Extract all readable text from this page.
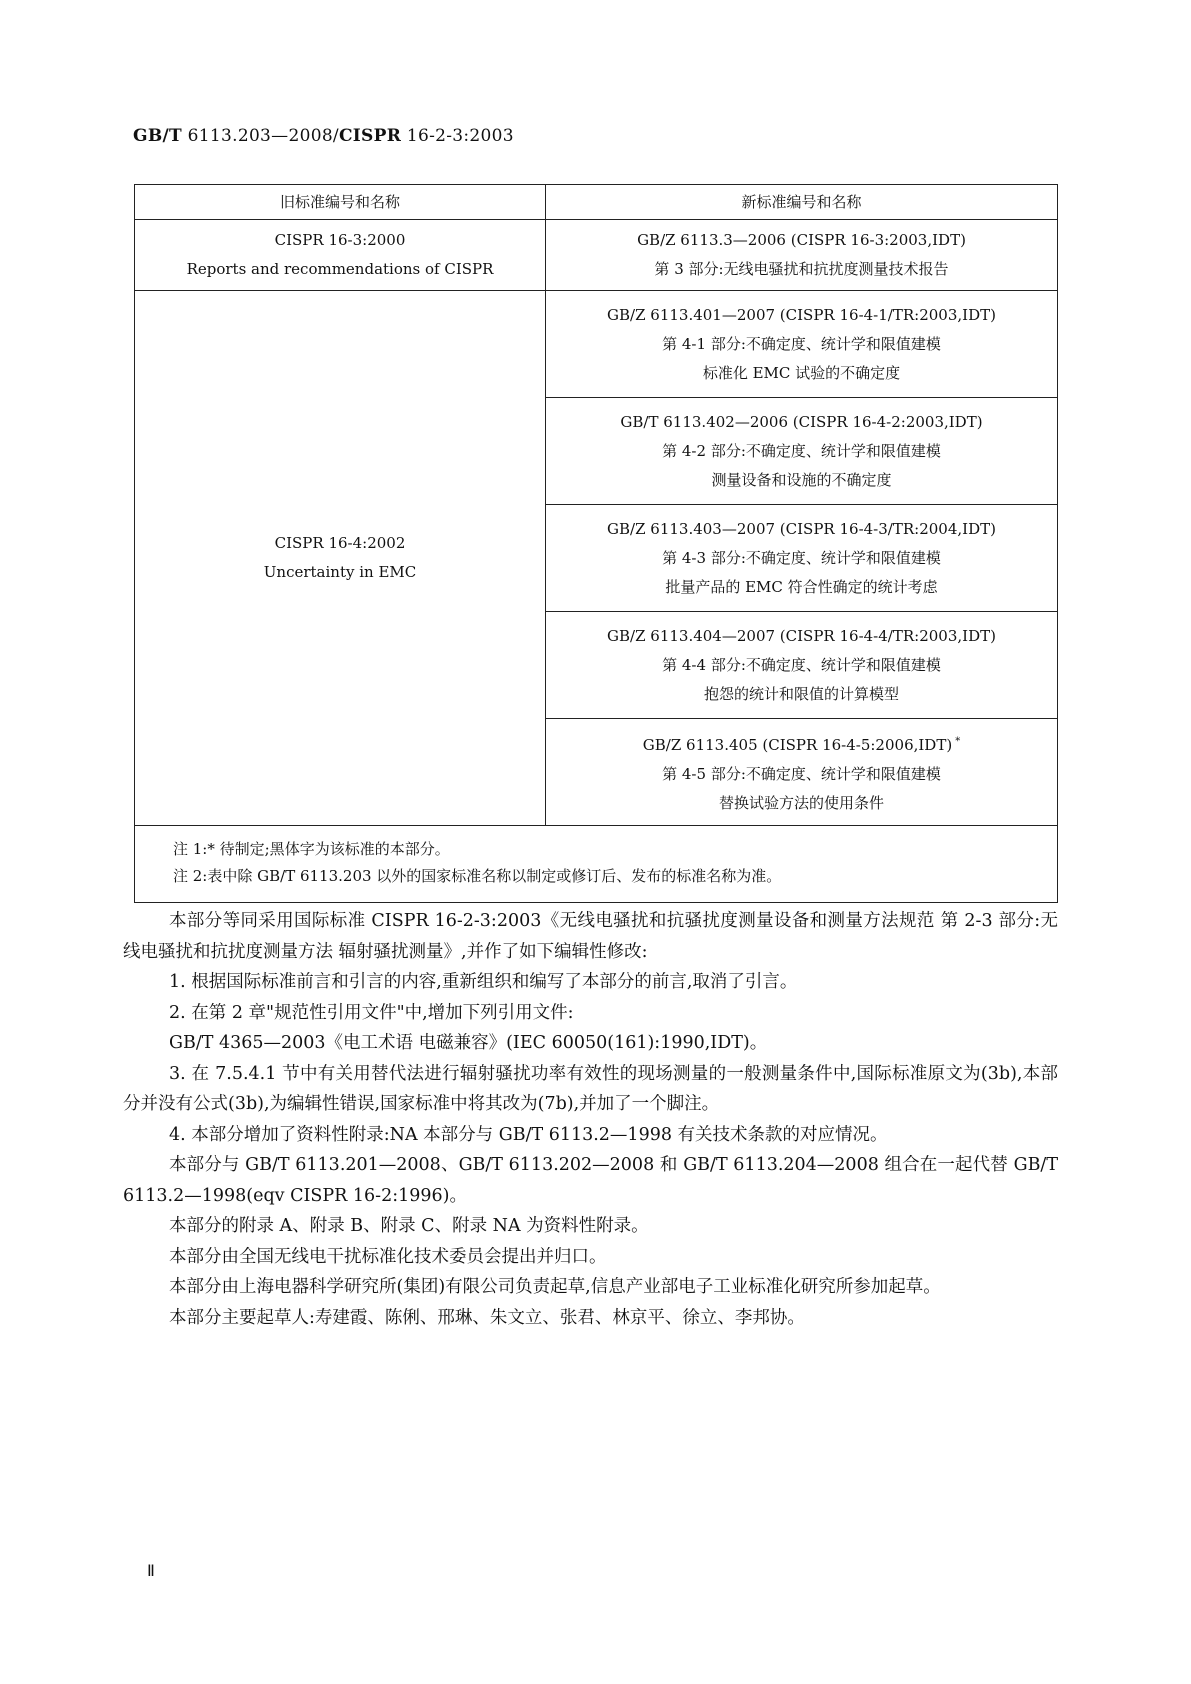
GB/T 6113.203—2008/CISPR 16-2-3:2003
旧标准编号和名称	新标准编号和名称

CISPR 16-3:2000
Reports and recommendations of CISPR	GB/Z 6113.3—2006 (CISPR 16-3:2003,IDT)
第 3 部分:无线电骚扰和抗扰度测量技术报告

CISPR 16-4:2002
Uncertainty in EMC	GB/Z 6113.401—2007 (CISPR 16-4-1/TR:2003,IDT)
第 4-1 部分:不确定度、统计学和限值建模
标准化 EMC 试验的不确定度

	GB/T 6113.402—2006 (CISPR 16-4-2:2003,IDT)
第 4-2 部分:不确定度、统计学和限值建模
测量设备和设施的不确定度

	GB/Z 6113.403—2007 (CISPR 16-4-3/TR:2004,IDT)
第 4-3 部分:不确定度、统计学和限值建模
批量产品的 EMC 符合性确定的统计考虑

	GB/Z 6113.404—2007 (CISPR 16-4-4/TR:2003,IDT)
第 4-4 部分:不确定度、统计学和限值建模
抱怨的统计和限值的计算模型

	GB/Z 6113.405 (CISPR 16-4-5:2006,IDT) *
第 4-5 部分:不确定度、统计学和限值建模
替换试验方法的使用条件

注 1:* 待制定;黑体字为该标准的本部分。
注 2:表中除 GB/T 6113.203 以外的国家标准名称以制定或修订后、发布的标准名称为准。	

本部分等同采用国际标准 CISPR 16-2-3:2003《无线电骚扰和抗骚扰度测量设备和测量方法规范 第 2-3 部分:无线电骚扰和抗扰度测量方法 辐射骚扰测量》,并作了如下编辑性修改:

1. 根据国际标准前言和引言的内容,重新组织和编写了本部分的前言,取消了引言。

2. 在第 2 章"规范性引用文件"中,增加下列引用文件:

GB/T 4365—2003《电工术语 电磁兼容》(IEC 60050(161):1990,IDT)。

3. 在 7.5.4.1 节中有关用替代法进行辐射骚扰功率有效性的现场测量的一般测量条件中,国际标准原文为(3b),本部分并没有公式(3b),为编辑性错误,国家标准中将其改为(7b),并加了一个脚注。

4. 本部分增加了资料性附录:NA 本部分与 GB/T 6113.2—1998 有关技术条款的对应情况。

本部分与 GB/T 6113.201—2008、GB/T 6113.202—2008 和 GB/T 6113.204—2008 组合在一起代替 GB/T 6113.2—1998(eqv CISPR 16-2:1996)。

本部分的附录 A、附录 B、附录 C、附录 NA 为资料性附录。

本部分由全国无线电干扰标准化技术委员会提出并归口。

本部分由上海电器科学研究所(集团)有限公司负责起草,信息产业部电子工业标准化研究所参加起草。

本部分主要起草人:寿建霞、陈俐、邢琳、朱文立、张君、林京平、徐立、李邦协。

Ⅱ
